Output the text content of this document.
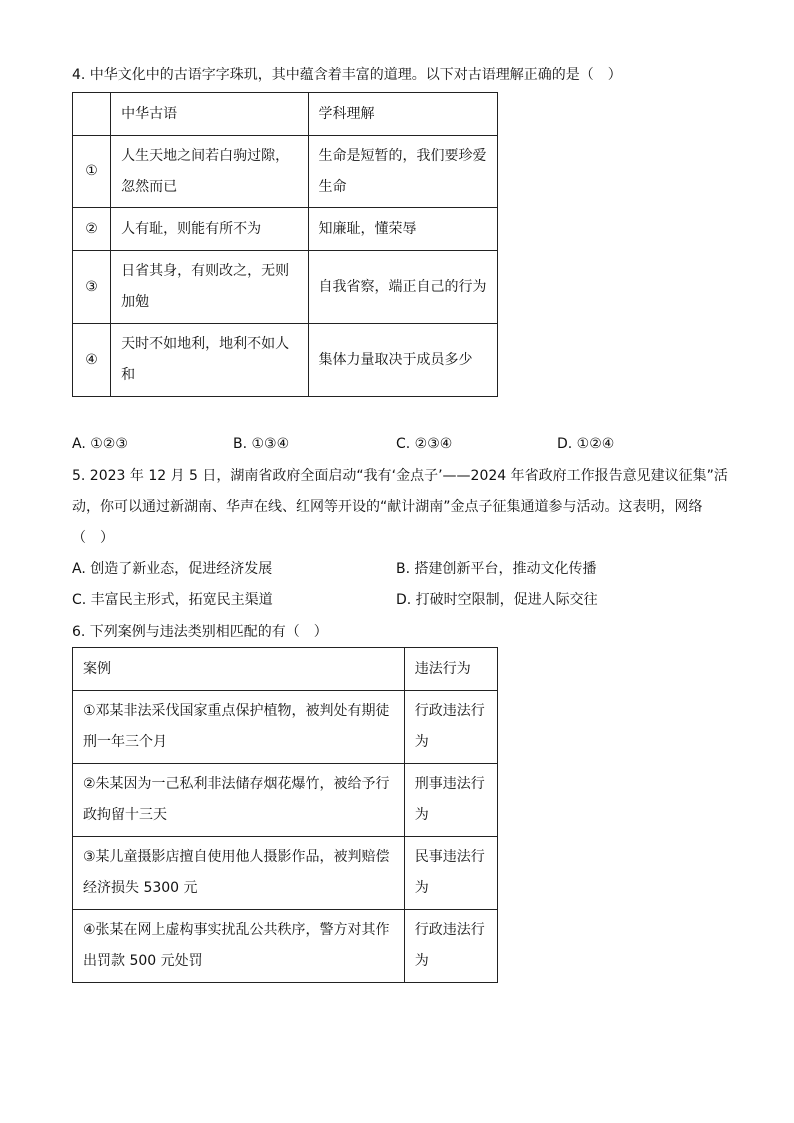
4. 中华文化中的古语字字珠玑，其中蕴含着丰富的道理。以下对古语理解正确的是（　）
	中华古语	学科理解
①	人生天地之间若白驹过隙，忽然而已	生命是短暂的，我们要珍爱生命
②	人有耻，则能有所不为	知廉耻，懂荣辱
③	日省其身，有则改之，无则加勉	自我省察，端正自己的行为
④	天时不如地利，地利不如人和	集体力量取决于成员多少
A. ①②③	B. ①③④	C. ②③④	D. ①②④
5. 2023 年 12 月 5 日，湖南省政府全面启动“我有‘金点子’——2024 年省政府工作报告意见建议征集”活
动，你可以通过新湖南、华声在线、红网等开设的“献计湖南”金点子征集通道参与活动。这表明，网络
（　）
A. 创造了新业态，促进经济发展	B. 搭建创新平台，推动文化传播
C. 丰富民主形式，拓宽民主渠道	D. 打破时空限制，促进人际交往
6. 下列案例与违法类别相匹配的有（　）
案例	违法行为
①邓某非法采伐国家重点保护植物，被判处有期徒刑一年三个月	行政违法行为
②朱某因为一己私利非法储存烟花爆竹，被给予行政拘留十三天	刑事违法行为
③某儿童摄影店擅自使用他人摄影作品，被判赔偿经济损失 5300 元	民事违法行为
④张某在网上虚构事实扰乱公共秩序，警方对其作出罚款 500 元处罚	行政违法行为
